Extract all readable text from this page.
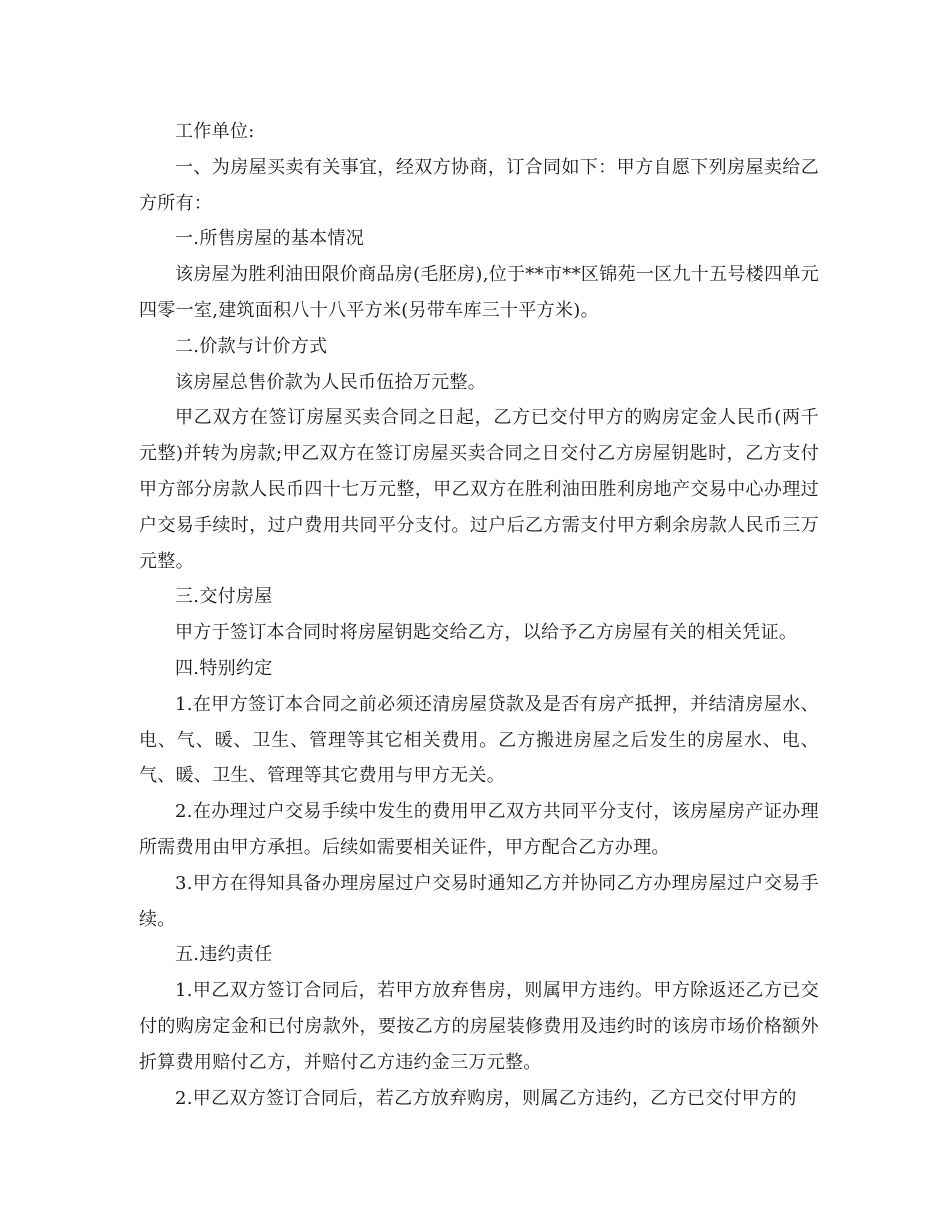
工作单位:

一、为房屋买卖有关事宜，经双方协商，订合同如下：甲方自愿下列房屋卖给乙方所有：

一.所售房屋的基本情况

该房屋为胜利油田限价商品房(毛胚房),位于**市**区锦苑一区九十五号楼四单元四零一室,建筑面积八十八平方米(另带车库三十平方米)。

二.价款与计价方式

该房屋总售价款为人民币伍拾万元整。

甲乙双方在签订房屋买卖合同之日起，乙方已交付甲方的购房定金人民币(两千元整)并转为房款;甲乙双方在签订房屋买卖合同之日交付乙方房屋钥匙时，乙方支付甲方部分房款人民币四十七万元整，甲乙双方在胜利油田胜利房地产交易中心办理过户交易手续时，过户费用共同平分支付。过户后乙方需支付甲方剩余房款人民币三万元整。

三.交付房屋

甲方于签订本合同时将房屋钥匙交给乙方，以给予乙方房屋有关的相关凭证。

四.特别约定

1.在甲方签订本合同之前必须还清房屋贷款及是否有房产抵押，并结清房屋水、电、气、暖、卫生、管理等其它相关费用。乙方搬进房屋之后发生的房屋水、电、气、暖、卫生、管理等其它费用与甲方无关。

2.在办理过户交易手续中发生的费用甲乙双方共同平分支付，该房屋房产证办理所需费用由甲方承担。后续如需要相关证件，甲方配合乙方办理。

3.甲方在得知具备办理房屋过户交易时通知乙方并协同乙方办理房屋过户交易手续。

五.违约责任

1.甲乙双方签订合同后，若甲方放弃售房，则属甲方违约。甲方除返还乙方已交付的购房定金和已付房款外，要按乙方的房屋装修费用及违约时的该房市场价格额外折算费用赔付乙方，并赔付乙方违约金三万元整。

2.甲乙双方签订合同后，若乙方放弃购房，则属乙方违约，乙方已交付甲方的
